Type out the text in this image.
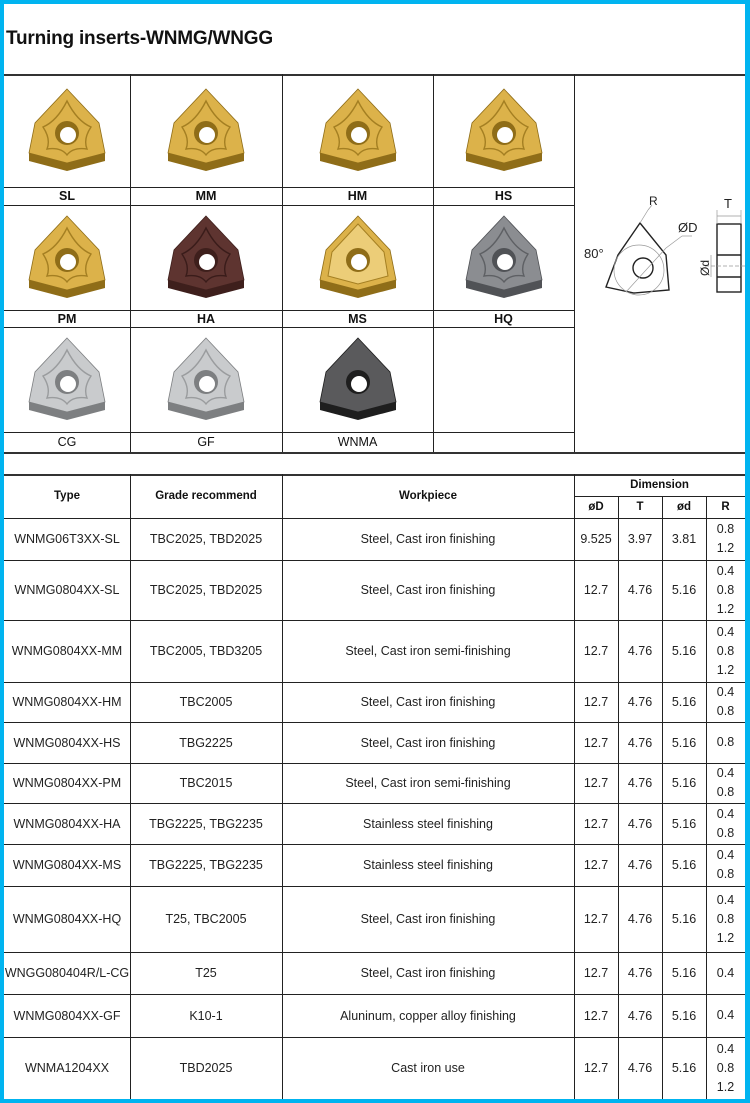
Turning inserts-WNMG/WNGG
SL	MM	HM	HS
PM	HA	MS	HQ
CG	GF	WNMA
R
ØD
80°
T
Ød
Type	Grade recommend	Workpiece
Dimension
øD	T	ød	R
WNMG06T3XX-SL	TBC2025, TBD2025	Steel, Cast iron finishing	9.525	3.97	3.81
0.8
1.2
WNMG0804XX-SL	TBC2025, TBD2025	Steel, Cast iron finishing	12.7	4.76	5.16
0.4
0.8
1.2
WNMG0804XX-MM	TBC2005, TBD3205	Steel, Cast iron semi-finishing	12.7	4.76	5.16
0.4
0.8
1.2
WNMG0804XX-HM	TBC2005	Steel, Cast iron finishing	12.7	4.76	5.16
0.4
0.8
WNMG0804XX-HS	TBG2225	Steel, Cast iron finishing	12.7	4.76	5.16	0.8
WNMG0804XX-PM	TBC2015	Steel, Cast iron semi-finishing	12.7	4.76	5.16
0.4
0.8
WNMG0804XX-HA	TBG2225, TBG2235	Stainless steel finishing	12.7	4.76	5.16
0.4
0.8
WNMG0804XX-MS	TBG2225, TBG2235	Stainless steel finishing	12.7	4.76	5.16
0.4
0.8
WNMG0804XX-HQ	T25, TBC2005	Steel, Cast iron finishing	12.7	4.76	5.16
0.4
0.8
1.2
WNGG080404R/L-CG	T25	Steel, Cast iron finishing	12.7	4.76	5.16	0.4
WNMG0804XX-GF	K10-1	Aluninum, copper alloy finishing	12.7	4.76	5.16	0.4
WNMA1204XX	TBD2025	Cast iron use	12.7	4.76	5.16
0.4
0.8
1.2
